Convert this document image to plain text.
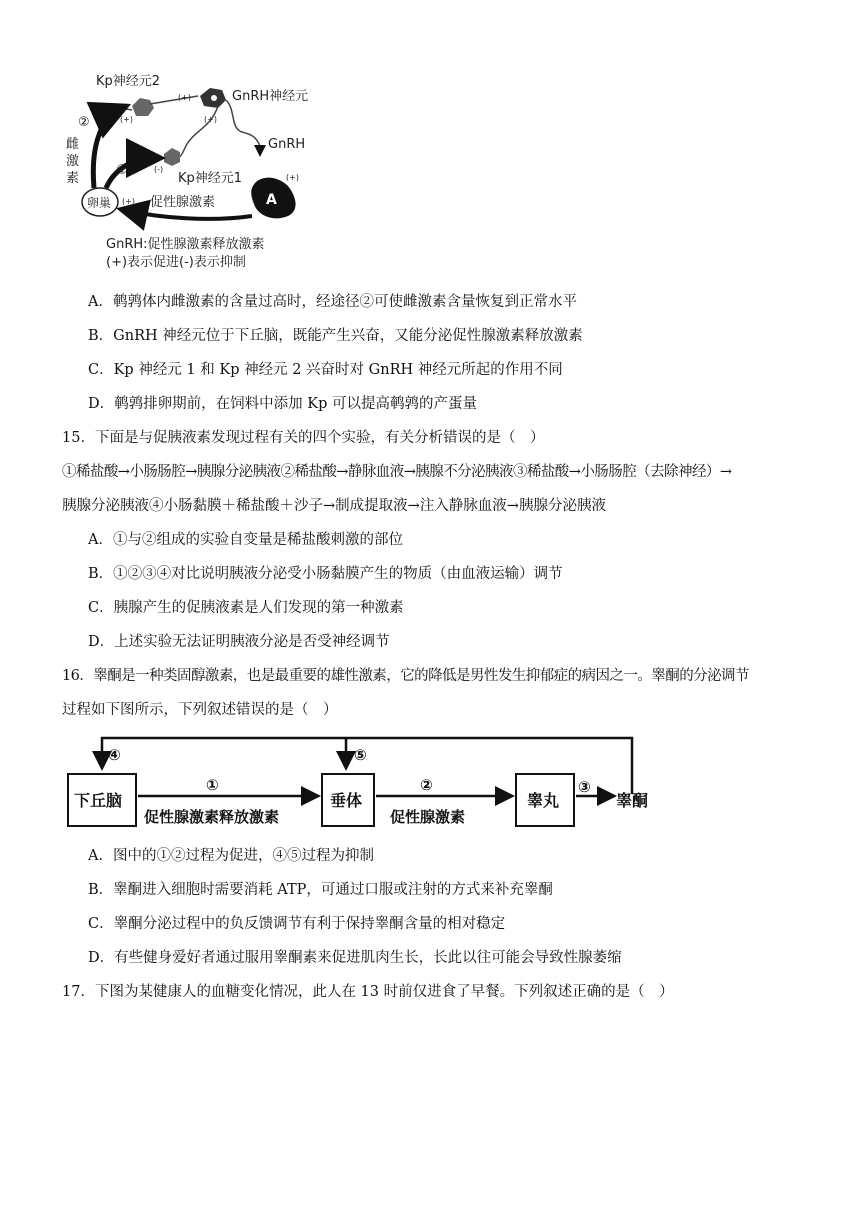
A
卵巢
Kp神经元2
GnRH神经元
GnRH
Kp神经元1
雌
激
素
②
①
促性腺激素
(+)
(+)	(+)
(-)
(+)
(+)
GnRH:促性腺激素释放激素
(+)表示促进(-)表示抑制
A．鹌鹑体内雌激素的含量过高时，经途径②可使雌激素含量恢复到正常水平
B．GnRH 神经元位于下丘脑，既能产生兴奋，又能分泌促性腺激素释放激素
C．Kp 神经元 1 和 Kp 神经元 2 兴奋时对 GnRH 神经元所起的作用不同
D．鹌鹑排卵期前，在饲料中添加 Kp 可以提高鹌鹑的产蛋量
15．下面是与促胰液素发现过程有关的四个实验，有关分析错误的是（　）
①稀盐酸→小肠肠腔→胰腺分泌胰液②稀盐酸→静脉血液→胰腺不分泌胰液③稀盐酸→小肠肠腔（去除神经）→
胰腺分泌胰液④小肠黏膜＋稀盐酸＋沙子→制成提取液→注入静脉血液→胰腺分泌胰液
A．①与②组成的实验自变量是稀盐酸刺激的部位
B．①②③④对比说明胰液分泌受小肠黏膜产生的物质（由血液运输）调节
C．胰腺产生的促胰液素是人们发现的第一种激素
D．上述实验无法证明胰液分泌是否受神经调节
16．睾酮是一种类固醇激素，也是最重要的雄性激素，它的降低是男性发生抑郁症的病因之一。睾酮的分泌调节
过程如下图所示，下列叙述错误的是（　）
④	⑤
下丘脑	垂体	睾丸
①	②	③
促性腺激素释放激素	促性腺激素
睾酮
A．图中的①②过程为促进，④⑤过程为抑制
B．睾酮进入细胞时需要消耗 ATP，可通过口服或注射的方式来补充睾酮
C．睾酮分泌过程中的负反馈调节有利于保持睾酮含量的相对稳定
D．有些健身爱好者通过服用睾酮素来促进肌肉生长，长此以往可能会导致性腺萎缩
17．下图为某健康人的血糖变化情况，此人在 13 时前仅进食了早餐。下列叙述正确的是（　）
